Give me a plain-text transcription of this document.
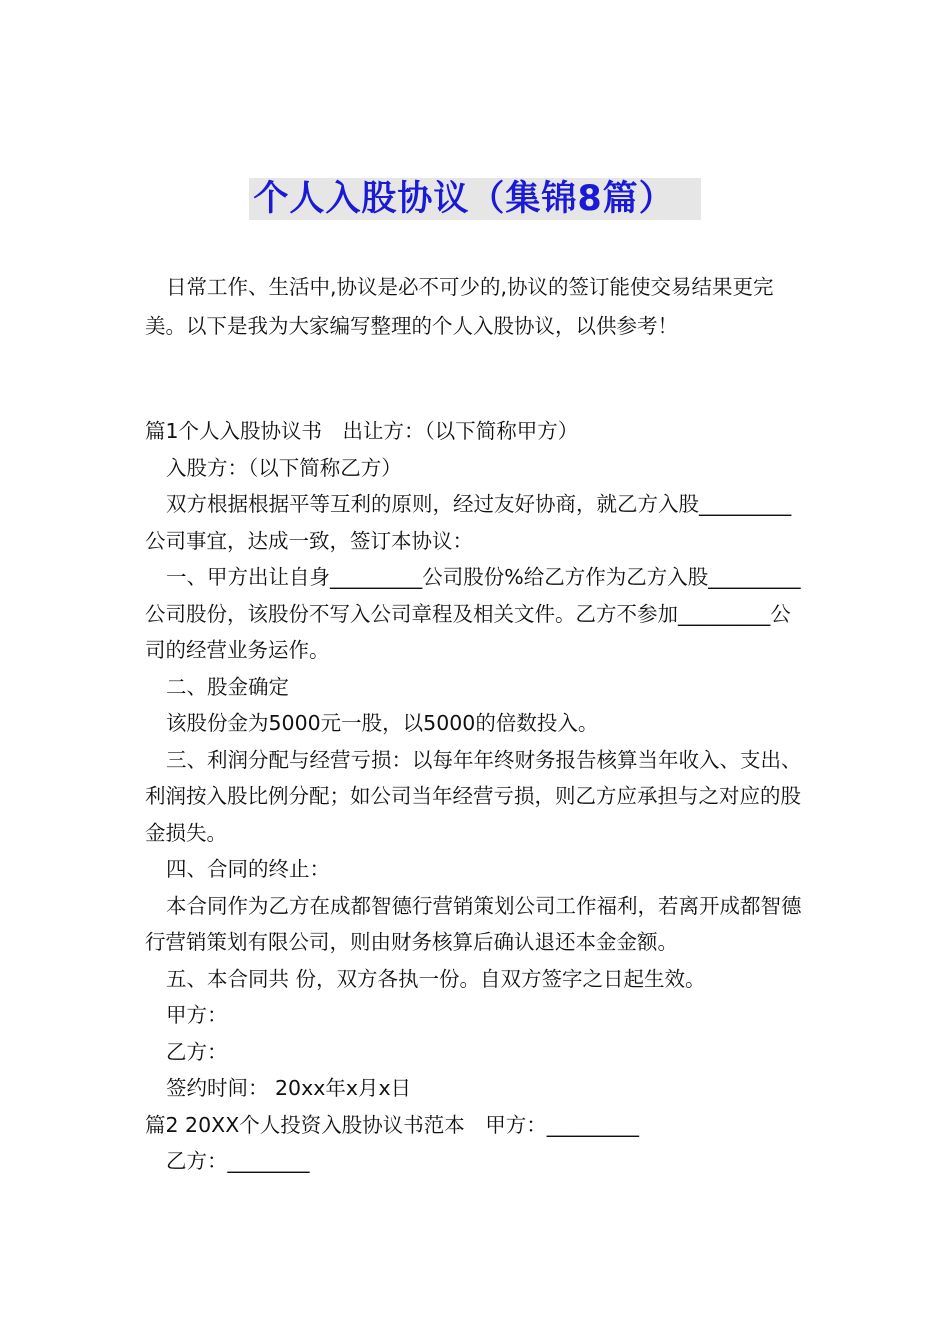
个人入股协议（集锦8篇）

日常工作、生活中,协议是必不可少的,协议的签订能使交易结果更完美。以下是我为大家编写整理的个人入股协议，以供参考！

篇1个人入股协议书　出让方：（以下简称甲方）

入股方：（以下简称乙方）

双方根据根据平等互利的原则，经过友好协商，就乙方入股_________公司事宜，达成一致，签订本协议：

一、甲方出让自身_________公司股份%给乙方作为乙方入股_________公司股份，该股份不写入公司章程及相关文件。乙方不参加_________公司的经营业务运作。

二、股金确定

该股份金为5000元一股，以5000的倍数投入。

三、利润分配与经营亏损：以每年年终财务报告核算当年收入、支出、利润按入股比例分配；如公司当年经营亏损，则乙方应承担与之对应的股金损失。

四、合同的终止：

本合同作为乙方在成都智德行营销策划公司工作福利，若离开成都智德行营销策划有限公司，则由财务核算后确认退还本金金额。

五、本合同共 份，双方各执一份。自双方签字之日起生效。

甲方：

乙方：

签约时间： 20xx年x月x日

篇2 20XX个人投资入股协议书范本　甲方：_________

乙方：________
